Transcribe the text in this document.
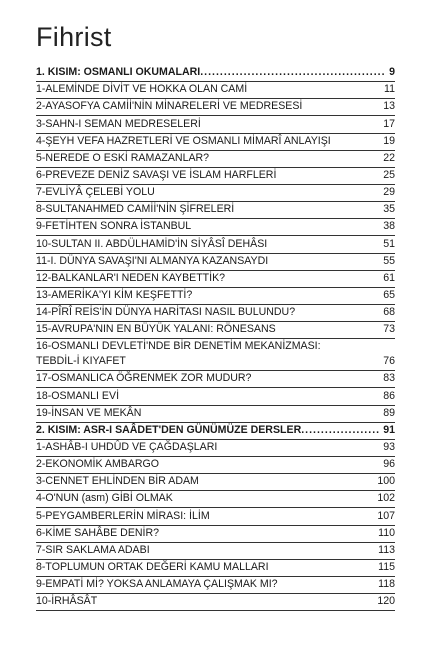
Fihrist
1. KISIM: OSMANLI OKUMALARI .....	9
1-ALEMİNDE DİVİT VE HOKKA OLAN CAMİ	11
2-AYASOFYA CAMİİ'NİN MİNARELERİ VE MEDRESESİ	13
3-SAHN-I SEMAN MEDRESELERİ	17
4-ŞEYH VEFA HAZRETLERİ VE OSMANLI MİMARÎ ANLAYIŞI	19
5-NEREDE O ESKİ RAMAZANLAR?	22
6-PREVEZE DENİZ SAVAŞI VE İSLAM HARFLERİ	25
7-EVLİYÂ ÇELEBİ YOLU	29
8-SULTANAHMED CAMİİ'NİN ŞİFRELERİ	35
9-FETİHTEN SONRA İSTANBUL	38
10-SULTAN II. ABDÜLHAMİD'İN SİYÂSÎ DEHÂSI	51
11-I. DÜNYA SAVAŞI'NI ALMANYA KAZANSAYDI	55
12-BALKANLAR'I NEDEN KAYBETTİK?	61
13-AMERİKA'YI KİM KEŞFETTİ?	65
14-PÎRÎ REİS'İN DÜNYA HARİTASI NASIL BULUNDU?	68
15-AVRUPA'NIN EN BÜYÜK YALANI: RÖNESANS	73
16-OSMANLI DEVLETİ'NDE BİR DENETİM MEKANİZMASI:
TEBDİL-İ KIYAFET	76
17-OSMANLICA ÖĞRENMEK ZOR MUDUR?	83
18-OSMANLI EVİ	86
19-İNSAN VE MEKÂN	89
2. KISIM: ASR-I SAÂDET'DEN GÜNÜMÜZE DERSLER .....	91
1-ASHÂB-I UHDÛD VE ÇAĞDAŞLARI	93
2-EKONOMİK AMBARGO	96
3-CENNET EHLİNDEN BİR ADAM	100
4-O'NUN (asm) GİBİ OLMAK	102
5-PEYGAMBERLERİN MİRASI: İLİM	107
6-KİME SAHÂBE DENİR?	110
7-SIR SAKLAMA ADABI	113
8-TOPLUMUN ORTAK DEĞERİ KAMU MALLARI	115
9-EMPATİ Mİ? YOKSA ANLAMAYA ÇALIŞMAK MI?	118
10-İRHÂSÂT	120
